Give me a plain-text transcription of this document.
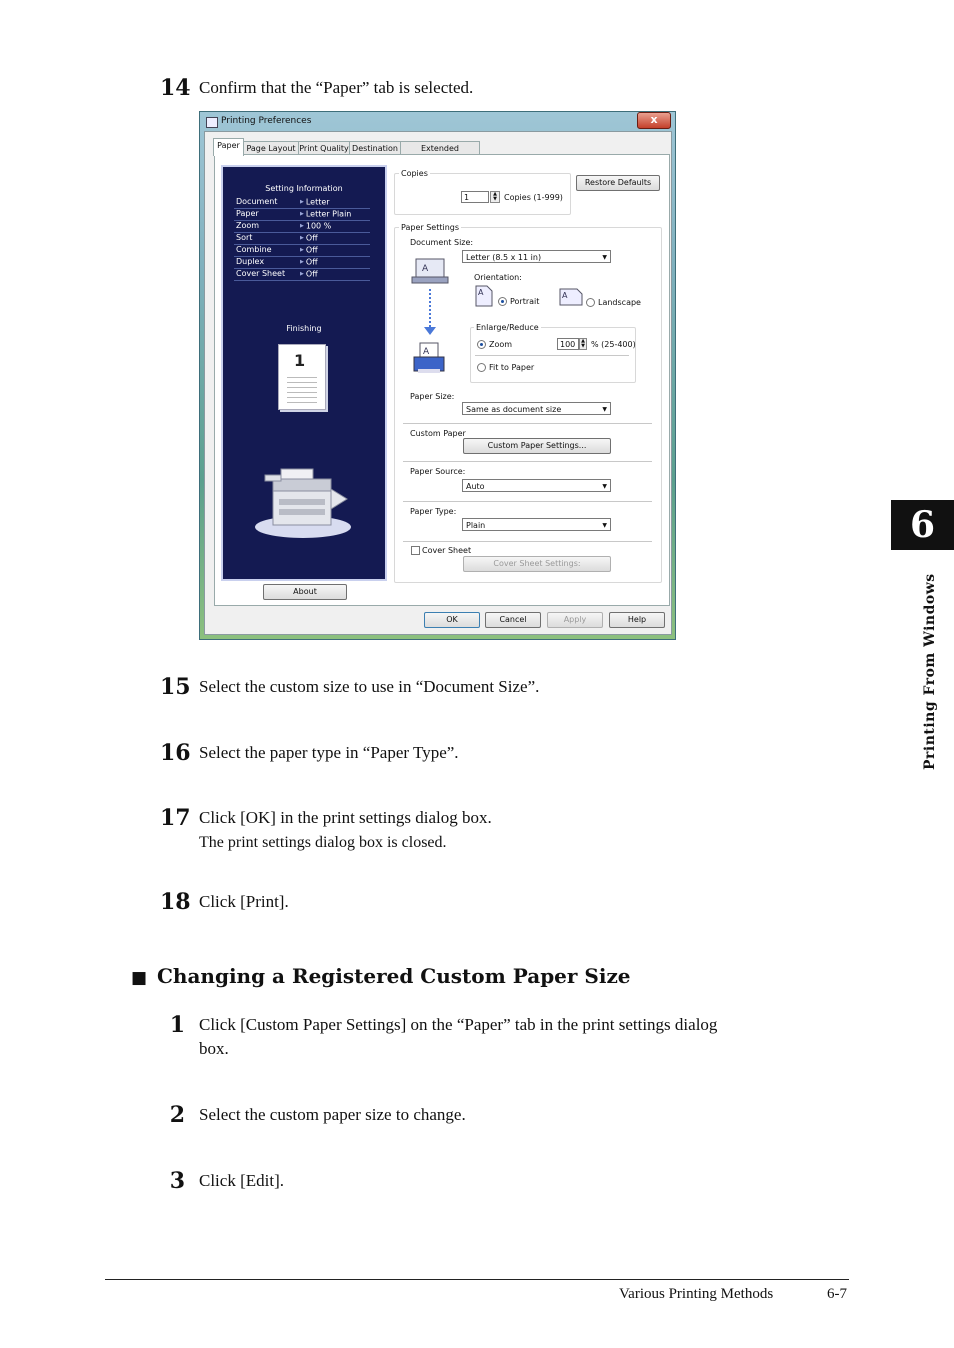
14 Confirm that the “Paper” tab is selected.
Printing Preferences	x
Paper Page Layout Print Quality Destination	Extended
Setting Information
Document	▶ Letter
Paper	▶ Letter Plain
Zoom	▶ 100 %
Sort	▶ Off
Combine	▶ Off
Duplex	▶ Off
Cover Sheet	▶ Off
Finishing
1
Copies
1	▲
▼ Copies (1-999)
Restore Defaults
Paper Settings
Document Size:
Letter (8.5 x 11 in)	▼
A
A
Orientation:
A
Portrait
A
Landscape
Enlarge/Reduce
Zoom	100	▲
▼ % (25-400)
Fit to Paper
Paper Size:
Same as document size	▼
Custom Paper
Custom Paper Settings...
Paper Source:
Auto	▼
Paper Type:
Plain	▼
Cover Sheet
Cover Sheet Settings:
About
OK	Cancel	Apply	Help
15 Select the custom size to use in “Document Size”.
16 Select the paper type in “Paper Type”.
17 Click [OK] in the print settings dialog box.
The print settings dialog box is closed.
18 Click [Print].
■ Changing a Registered Custom Paper Size
1 Click [Custom Paper Settings] on the “Paper” tab in the print settings dialog
box.
2 Select the custom paper size to change.
3 Click [Edit].
6
Printing From Windows
Various Printing Methods	6-7
